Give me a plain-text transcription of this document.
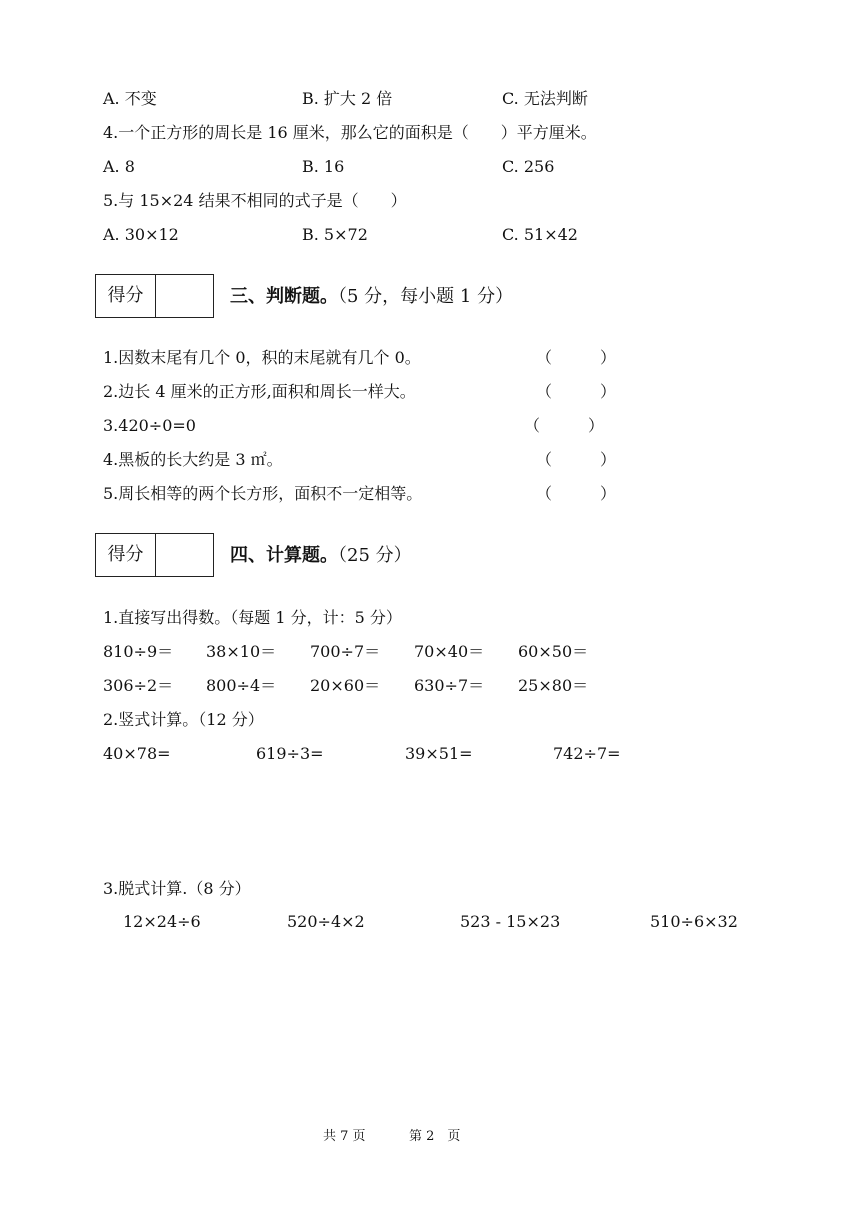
A. 不变	B. 扩大 2 倍	C. 无法判断
4.一个正方形的周长是 16 厘米，那么它的面积是（　　）平方厘米。
A. 8	B. 16	C. 256
5.与 15×24 结果不相同的式子是（　　）
A. 30×12	B. 5×72	C. 51×42
得分	三、判断题。（5 分，每小题 1 分）
1.因数末尾有几个 0，积的末尾就有几个 0。	（　　　）
2.边长 4 厘米的正方形,面积和周长一样大。	（　　　）
3.420÷0=0	（　　　）
4.黑板的长大约是 3 ㎡。	（　　　）
5.周长相等的两个长方形，面积不一定相等。	（　　　）
得分	四、计算题。（25 分）
1.直接写出得数。（每题 1 分，计：5 分）
810÷9＝ 38×10＝ 700÷7＝ 70×40＝ 60×50＝
306÷2＝ 800÷4＝ 20×60＝ 630÷7＝ 25×80＝
2.竖式计算。（12 分）
40×78=	619÷3=	39×51=	742÷7=
3.脱式计算.（8 分）
12×24÷6	520÷4×2	523 - 15×23	510÷6×32
共 7 页	第 2　页
